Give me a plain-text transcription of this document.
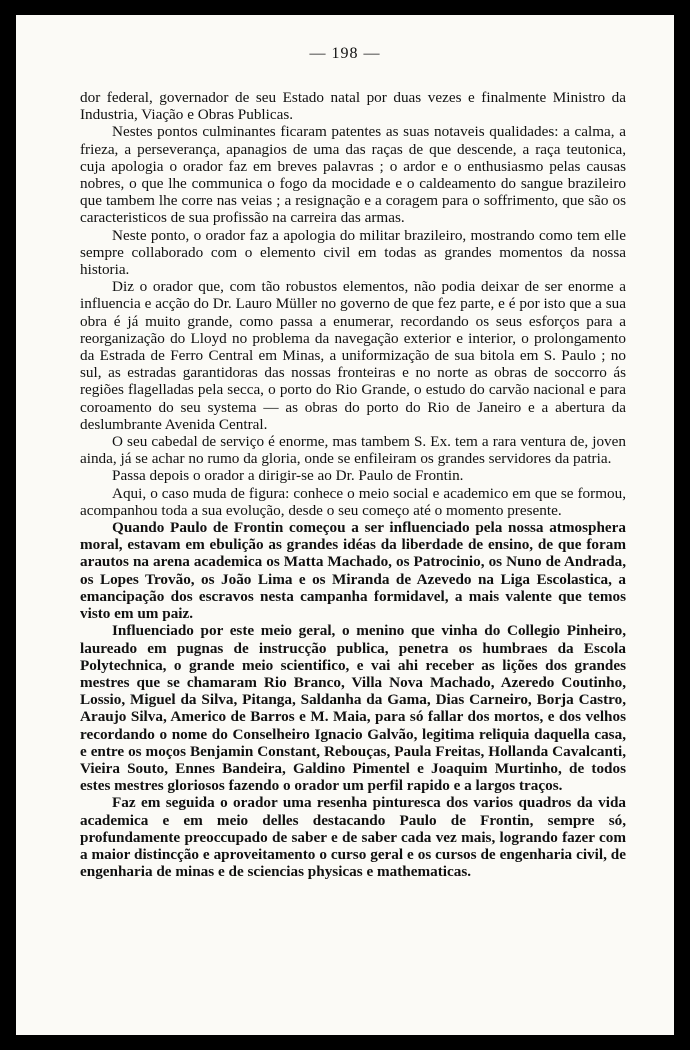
— 198 —

dor federal, governador de seu Estado natal por duas vezes e finalmente Ministro da Industria, Viação e Obras Publicas.

Nestes pontos culminantes ficaram patentes as suas notaveis qualidades: a calma, a frieza, a perseverança, apanagios de uma das raças de que descende, a raça teutonica, cuja apologia o orador faz em breves palavras ; o ardor e o enthusiasmo pelas causas nobres, o que lhe communica o fogo da mocidade e o caldeamento do sangue brazileiro que tambem lhe corre nas veias ; a resignação e a coragem para o soffrimento, que são os caracteristicos de sua profissão na carreira das armas.

Neste ponto, o orador faz a apologia do militar brazileiro, mostrando como tem elle sempre collaborado com o elemento civil em todas as grandes momentos da nossa historia.

Diz o orador que, com tão robustos elementos, não podia deixar de ser enorme a influencia e acção do Dr. Lauro Müller no governo de que fez parte, e é por isto que a sua obra é já muito grande, como passa a enumerar, recordando os seus esforços para a reorganização do Lloyd no problema da navegação exterior e interior, o prolongamento da Estrada de Ferro Central em Minas, a uniformização de sua bitola em S. Paulo ; no sul, as estradas garantidoras das nossas fronteiras e no norte as obras de soccorro ás regiões flagelladas pela secca, o porto do Rio Grande, o estudo do carvão nacional e para coroamento do seu systema — as obras do porto do Rio de Janeiro e a abertura da deslumbrante Avenida Central.

O seu cabedal de serviço é enorme, mas tambem S. Ex. tem a rara ventura de, joven ainda, já se achar no rumo da gloria, onde se enfileiram os grandes servidores da patria.

Passa depois o orador a dirigir-se ao Dr. Paulo de Frontin.

Aqui, o caso muda de figura: conhece o meio social e academico em que se formou, acompanhou toda a sua evolução, desde o seu começo até o momento presente.

Quando Paulo de Frontin começou a ser influenciado pela nossa atmosphera moral, estavam em ebulição as grandes idéas da liberdade de ensino, de que foram arautos na arena academica os Matta Machado, os Patrocinio, os Nuno de Andrada, os Lopes Trovão, os João Lima e os Miranda de Azevedo na Liga Escolastica, a emancipação dos escravos nesta campanha formidavel, a mais valente que temos visto em um paiz.

Influenciado por este meio geral, o menino que vinha do Collegio Pinheiro, laureado em pugnas de instrucção publica, penetra os humbraes da Escola Polytechnica, o grande meio scientifico, e vai ahi receber as lições dos grandes mestres que se chamaram Rio Branco, Villa Nova Machado, Azeredo Coutinho, Lossio, Miguel da Silva, Pitanga, Saldanha da Gama, Dias Carneiro, Borja Castro, Araujo Silva, Americo de Barros e M. Maia, para só fallar dos mortos, e dos velhos recordando o nome do Conselheiro Ignacio Galvão, legitima reliquia daquella casa, e entre os moços Benjamin Constant, Rebouças, Paula Freitas, Hollanda Cavalcanti, Vieira Souto, Ennes Bandeira, Galdino Pimentel e Joaquim Murtinho, de todos estes mestres gloriosos fazendo o orador um perfil rapido e a largos traços.

Faz em seguida o orador uma resenha pinturesca dos varios quadros da vida academica e em meio delles destacando Paulo de Frontin, sempre só, profundamente preoccupado de saber e de saber cada vez mais, logrando fazer com a maior distincção e aproveitamento o curso geral e os cursos de engenharia civil, de engenharia de minas e de sciencias physicas e mathematicas.
